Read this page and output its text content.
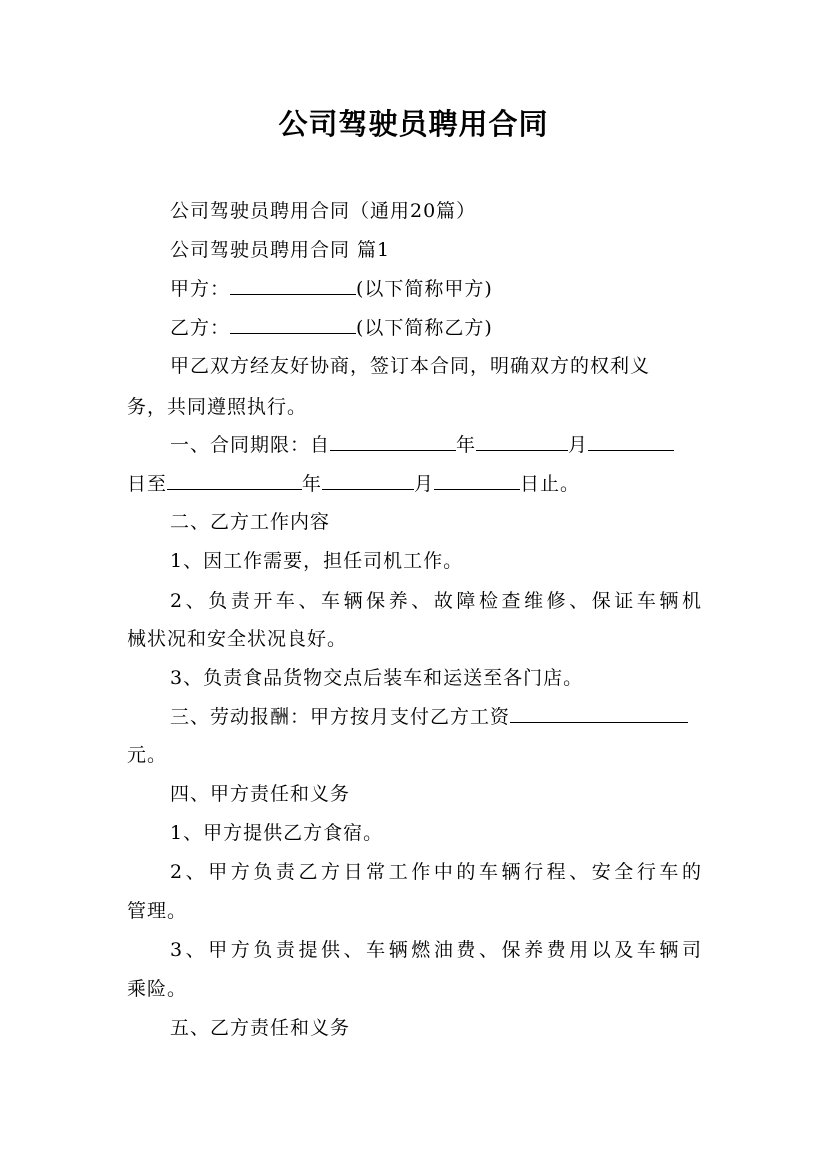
公司驾驶员聘用合同
公司驾驶员聘用合同（通用20篇）
公司驾驶员聘用合同 篇1
甲方：	(以下简称甲方)
乙方：	(以下简称乙方)
甲乙双方经友好协商，签订本合同，明确双方的权利义
务，共同遵照执行。
一、合同期限：自	年	月
日至	年	月	日止。
二、乙方工作内容
1、因工作需要，担任司机工作。
2、负责开车、车辆保养、故障检查维修、保证车辆机
械状况和安全状况良好。
3、负责食品货物交点后装车和运送至各门店。
三、劳动报酬：甲方按月支付乙方工资
元。
四、甲方责任和义务
1、甲方提供乙方食宿。
2、甲方负责乙方日常工作中的车辆行程、安全行车的
管理。
3、甲方负责提供、车辆燃油费、保养费用以及车辆司
乘险。
五、乙方责任和义务
